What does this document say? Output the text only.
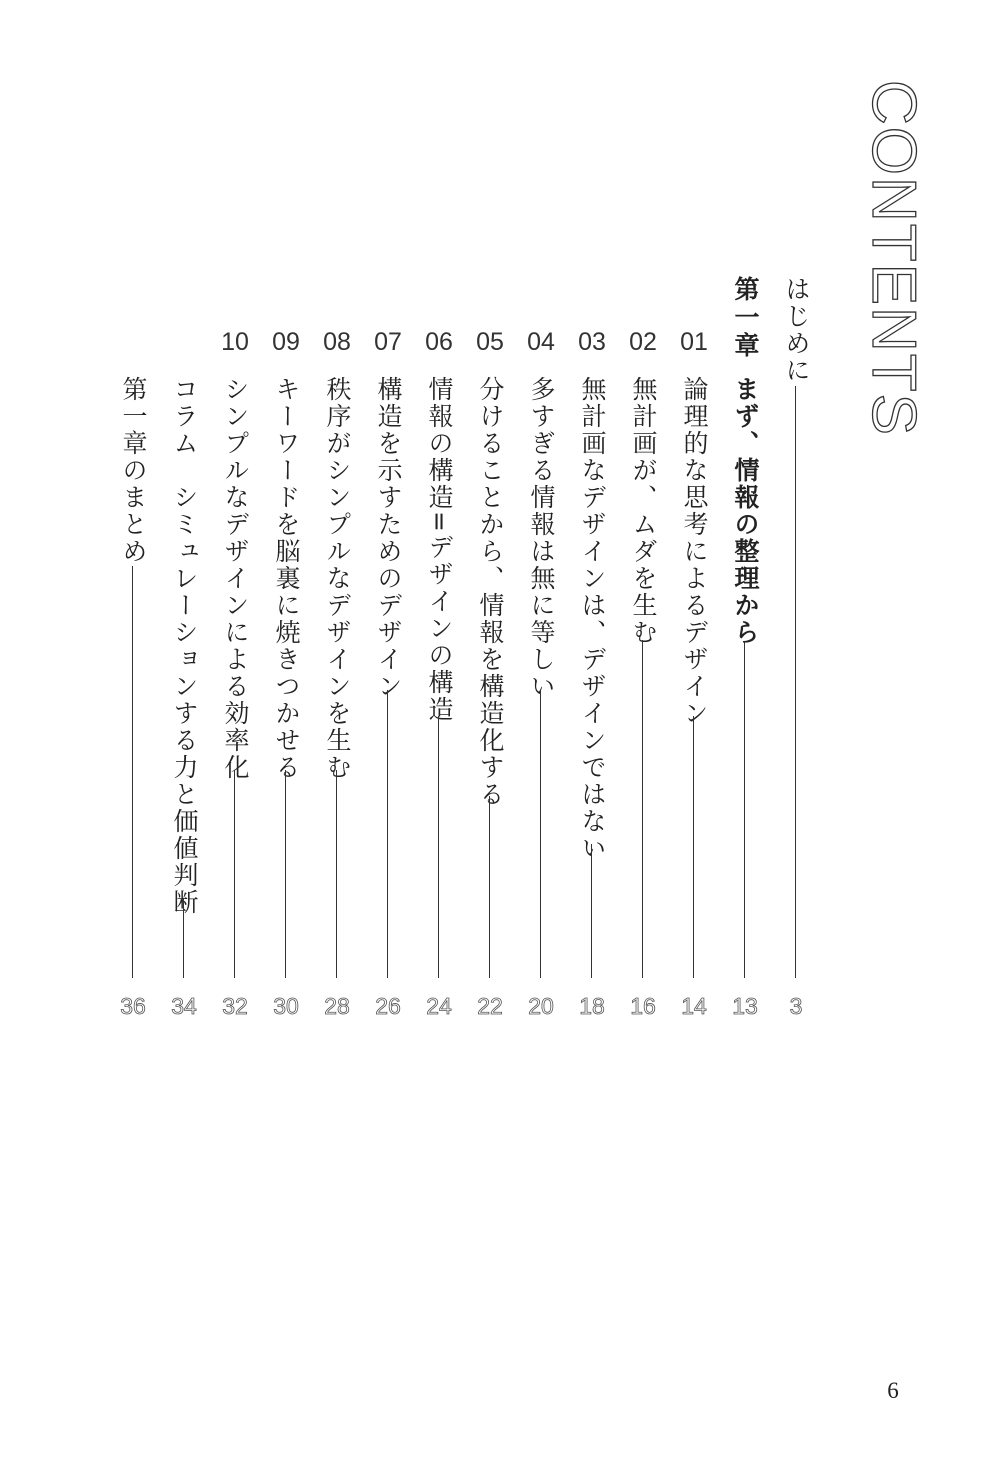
CONTENTS
はじめに
3
第一章
まず、情報の整理から
13
01
論理的な思考によるデザイン
14
02
無計画が、ムダを生む
16
03
無計画なデザインは、デザインではない
18
04
多すぎる情報は無に等しい
20
05
分けることから、情報を構造化する
22
06
情報の構造=デザインの構造
24
07
構造を示すためのデザイン
26
08
秩序がシンプルなデザインを生む
28
09
キーワードを脳裏に焼きつかせる
30
10
シンプルなデザインによる効率化
32
コラム　シミュレーションする力と価値判断
34
第一章のまとめ
36
6
